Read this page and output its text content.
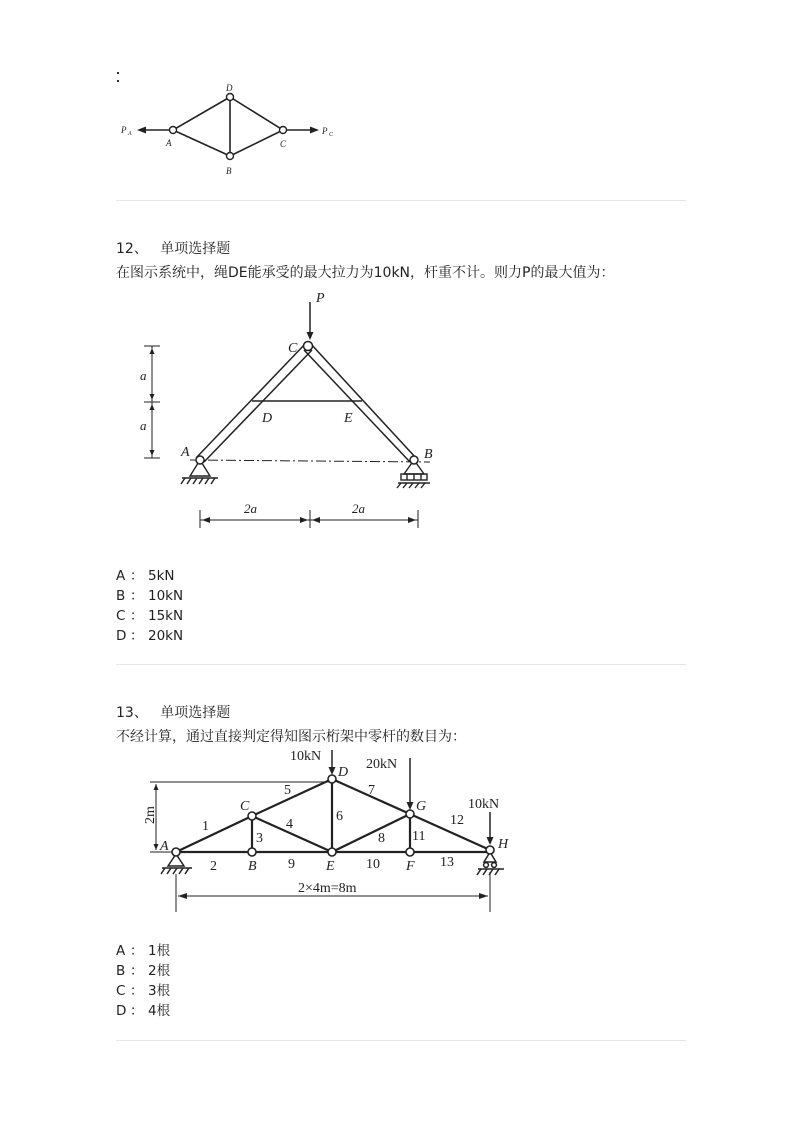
P A	P C
A
D
C
B
12、 单项选择题
在图示系统中，绳DE能承受的最大拉力为10kN，杆重不计。则力P的最大值为：
P
C
D	E
A	B
a
a
2a	2a
A ： 5kN
B ： 10kN
C ： 15kN
D ： 20kN
13、 单项选择题
不经计算，通过直接判定得知图示桁架中零杆的数目为：
10kN
20kN
10kN
2m
2×4m=8m
A
B
C
D
E	F
G
H
1
2
3
4
5
6
7
8
9	10
11
12
13
A ： 1根
B ： 2根
C ： 3根
D ： 4根
